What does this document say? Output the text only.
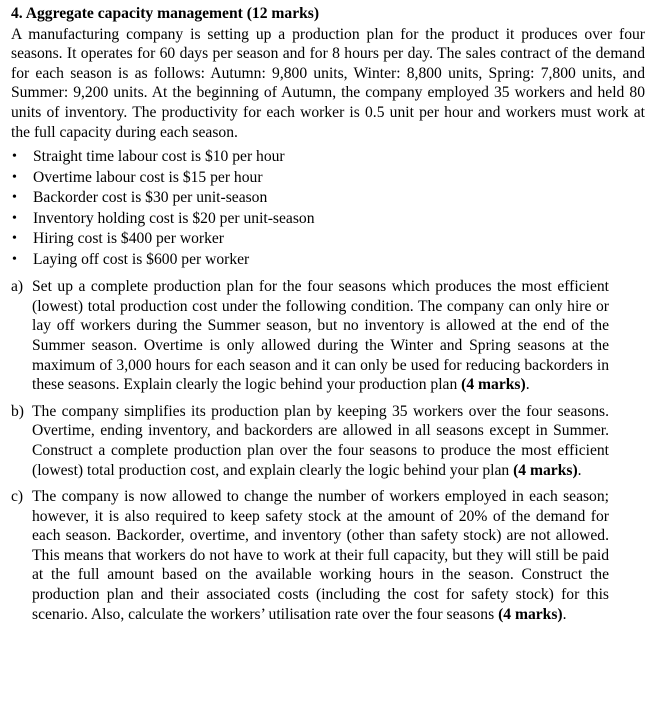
4. Aggregate capacity management (12 marks)

A manufacturing company is setting up a production plan for the product it produces over four seasons. It operates for 60 days per season and for 8 hours per day. The sales contract of the demand for each season is as follows: Autumn: 9,800 units, Winter: 8,800 units, Spring: 7,800 units, and Summer: 9,200 units. At the beginning of Autumn, the company employed 35 workers and held 80 units of inventory. The productivity for each worker is 0.5 unit per hour and workers must work at the full capacity during each season.

• Straight time labour cost is $10 per hour
• Overtime labour cost is $15 per hour
• Backorder cost is $30 per unit-season
• Inventory holding cost is $20 per unit-season
• Hiring cost is $400 per worker
• Laying off cost is $600 per worker
a) Set up a complete production plan for the four seasons which produces the most efficient (lowest) total production cost under the following condition. The company can only hire or lay off workers during the Summer season, but no inventory is allowed at the end of the Summer season. Overtime is only allowed during the Winter and Spring seasons at the maximum of 3,000 hours for each season and it can only be used for reducing backorders in these seasons. Explain clearly the logic behind your production plan (4 marks).
b) The company simplifies its production plan by keeping 35 workers over the four seasons. Overtime, ending inventory, and backorders are allowed in all seasons except in Summer. Construct a complete production plan over the four seasons to produce the most efficient (lowest) total production cost, and explain clearly the logic behind your plan (4 marks).
c) The company is now allowed to change the number of workers employed in each season; however, it is also required to keep safety stock at the amount of 20% of the demand for each season. Backorder, overtime, and inventory (other than safety stock) are not allowed. This means that workers do not have to work at their full capacity, but they will still be paid at the full amount based on the available working hours in the season. Construct the production plan and their associated costs (including the cost for safety stock) for this scenario. Also, calculate the workers’ utilisation rate over the four seasons (4 marks).
